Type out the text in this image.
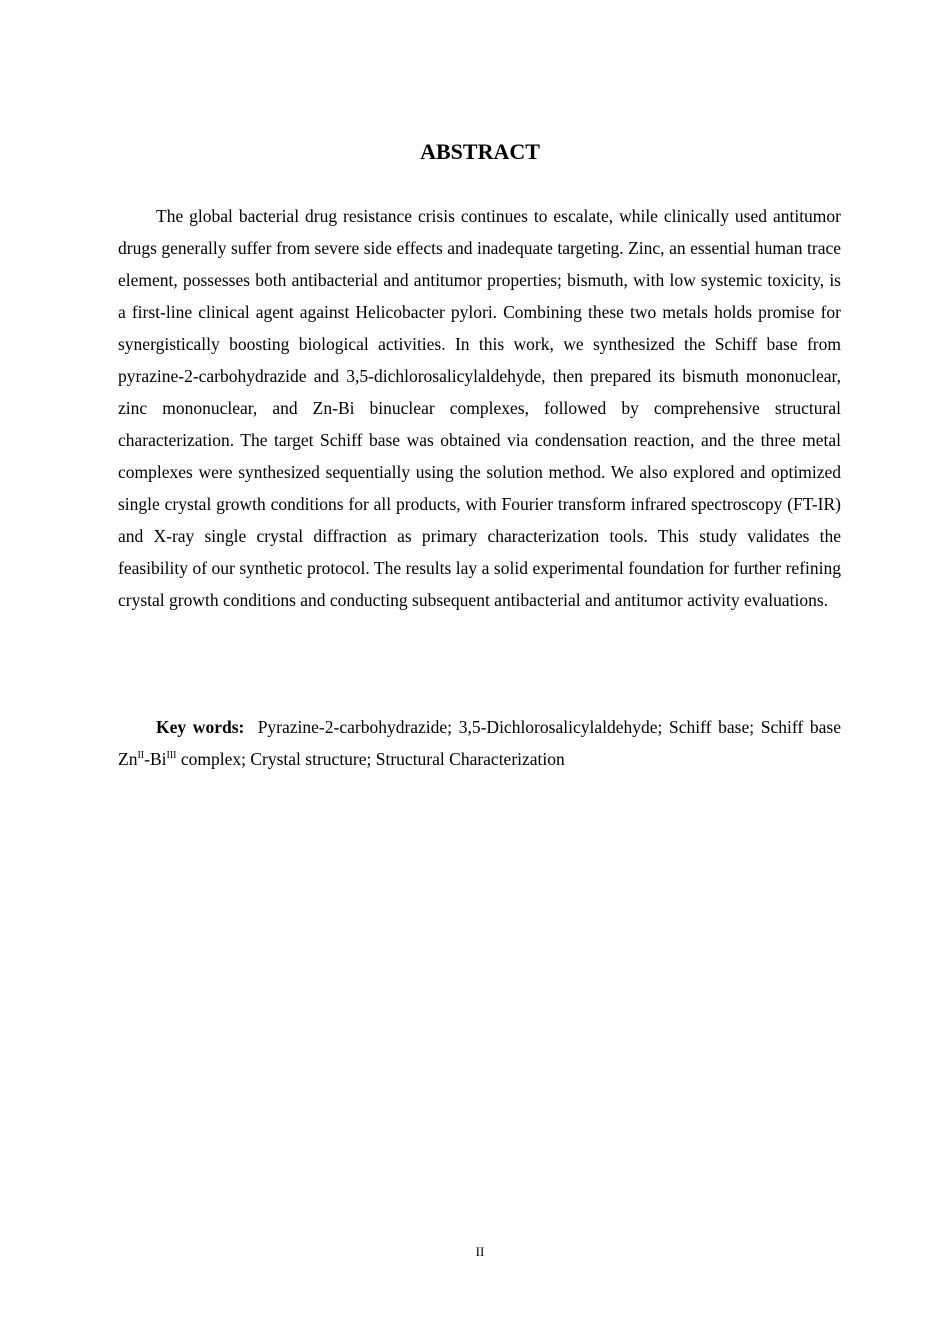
ABSTRACT

The global bacterial drug resistance crisis continues to escalate, while clinically used antitumor drugs generally suffer from severe side effects and inadequate targeting. Zinc, an essential human trace element, possesses both antibacterial and antitumor properties; bismuth, with low systemic toxicity, is a first-line clinical agent against Helicobacter pylori. Combining these two metals holds promise for synergistically boosting biological activities. In this work, we synthesized the Schiff base from pyrazine-2-carbohydrazide and 3,5-dichlorosalicylaldehyde, then prepared its bismuth mononuclear, zinc mononuclear, and Zn-Bi binuclear complexes, followed by comprehensive structural characterization. The target Schiff base was obtained via condensation reaction, and the three metal complexes were synthesized sequentially using the solution method. We also explored and optimized single crystal growth conditions for all products, with Fourier transform infrared spectroscopy (FT-IR) and X-ray single crystal diffraction as primary characterization tools. This study validates the feasibility of our synthetic protocol. The results lay a solid experimental foundation for further refining crystal growth conditions and conducting subsequent antibacterial and antitumor activity evaluations.

Key words: Pyrazine-2-carbohydrazide; 3,5-Dichlorosalicylaldehyde; Schiff base; Schiff base $Zn^{II}-Bi^{III}$ complex; Crystal structure; Structural Characterization

II
